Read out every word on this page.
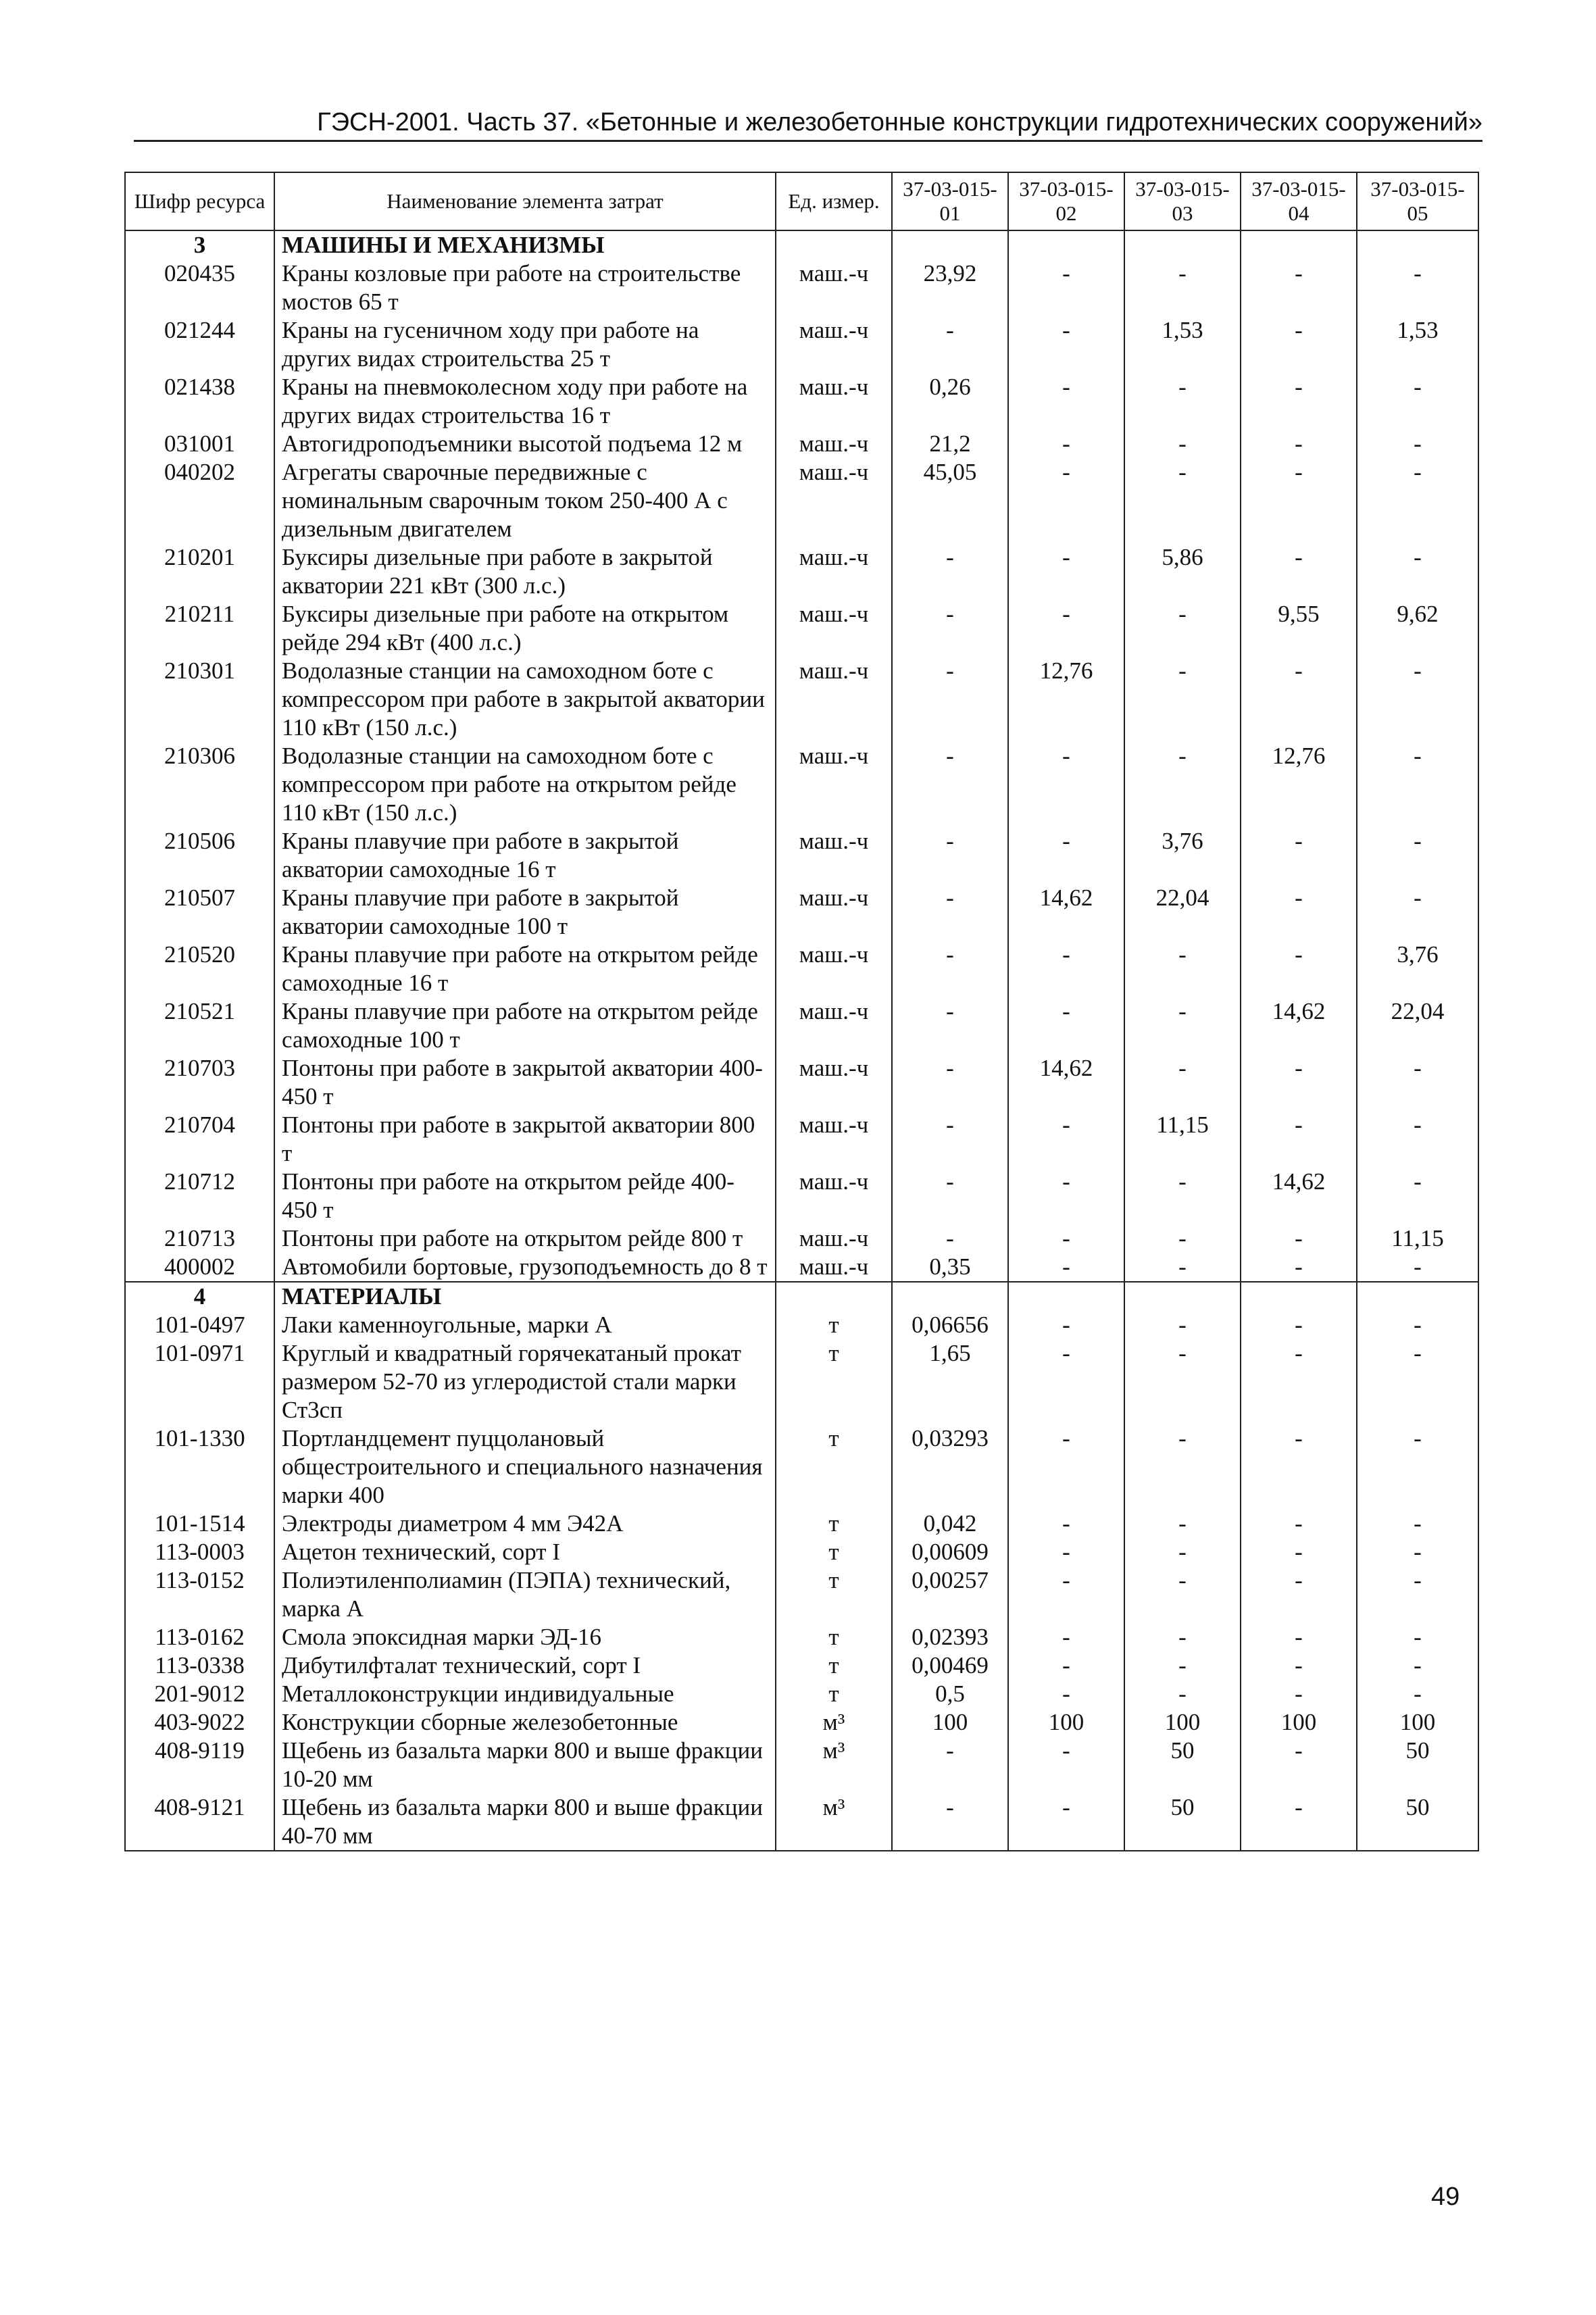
ГЭСН-2001. Часть 37. «Бетонные и железобетонные конструкции гидротехнических сооружений»
Шифр ресурса	Наименование элемента затрат	Ед. измер.	37-03-015-01	37-03-015-02	37-03-015-03	37-03-015-04	37-03-015-05
3	МАШИНЫ И МЕХАНИЗМЫ						
020435	Краны козловые при работе на строительстве мостов 65 т	маш.-ч	23,92	-	-	-	-
021244	Краны на гусеничном ходу при работе на других видах строительства 25 т	маш.-ч	-	-	1,53	-	1,53
021438	Краны на пневмоколесном ходу при работе на других видах строительства 16 т	маш.-ч	0,26	-	-	-	-
031001	Автогидроподъемники высотой подъема 12 м	маш.-ч	21,2	-	-	-	-
040202	Агрегаты сварочные передвижные с номинальным сварочным током 250-400 А с дизельным двигателем	маш.-ч	45,05	-	-	-	-
210201	Буксиры дизельные при работе в закрытой акватории 221 кВт (300 л.с.)	маш.-ч	-	-	5,86	-	-
210211	Буксиры дизельные при работе на открытом рейде 294 кВт (400 л.с.)	маш.-ч	-	-	-	9,55	9,62
210301	Водолазные станции на самоходном боте с компрессором при работе в закрытой акватории 110 кВт (150 л.с.)	маш.-ч	-	12,76	-	-	-
210306	Водолазные станции на самоходном боте с компрессором при работе на открытом рейде 110 кВт (150 л.с.)	маш.-ч	-	-	-	12,76	-
210506	Краны плавучие при работе в закрытой акватории самоходные 16 т	маш.-ч	-	-	3,76	-	-
210507	Краны плавучие при работе в закрытой акватории самоходные 100 т	маш.-ч	-	14,62	22,04	-	-
210520	Краны плавучие при работе на открытом рейде самоходные 16 т	маш.-ч	-	-	-	-	3,76
210521	Краны плавучие при работе на открытом рейде самоходные 100 т	маш.-ч	-	-	-	14,62	22,04
210703	Понтоны при работе в закрытой акватории 400-450 т	маш.-ч	-	14,62	-	-	-
210704	Понтоны при работе в закрытой акватории 800 т	маш.-ч	-	-	11,15	-	-
210712	Понтоны при работе на открытом рейде 400-450 т	маш.-ч	-	-	-	14,62	-
210713	Понтоны при работе на открытом рейде 800 т	маш.-ч	-	-	-	-	11,15
400002	Автомобили бортовые, грузоподъемность до 8 т	маш.-ч	0,35	-	-	-	-
4	МАТЕРИАЛЫ						
101-0497	Лаки каменноугольные, марки А	т	0,06656	-	-	-	-
101-0971	Круглый и квадратный горячекатаный прокат размером 52-70 из углеродистой стали марки Ст3сп	т	1,65	-	-	-	-
101-1330	Портландцемент пуццолановый общестроительного и специального назначения марки 400	т	0,03293	-	-	-	-
101-1514	Электроды диаметром 4 мм Э42А	т	0,042	-	-	-	-
113-0003	Ацетон технический, сорт I	т	0,00609	-	-	-	-
113-0152	Полиэтиленполиамин (ПЭПА) технический, марка А	т	0,00257	-	-	-	-
113-0162	Смола эпоксидная марки ЭД-16	т	0,02393	-	-	-	-
113-0338	Дибутилфталат технический, сорт I	т	0,00469	-	-	-	-
201-9012	Металлоконструкции индивидуальные	т	0,5	-	-	-	-
403-9022	Конструкции сборные железобетонные	м³	100	100	100	100	100
408-9119	Щебень из базальта марки 800 и выше фракции 10-20 мм	м³	-	-	50	-	50
408-9121	Щебень из базальта марки 800 и выше фракции 40-70 мм	м³	-	-	50	-	50
49
